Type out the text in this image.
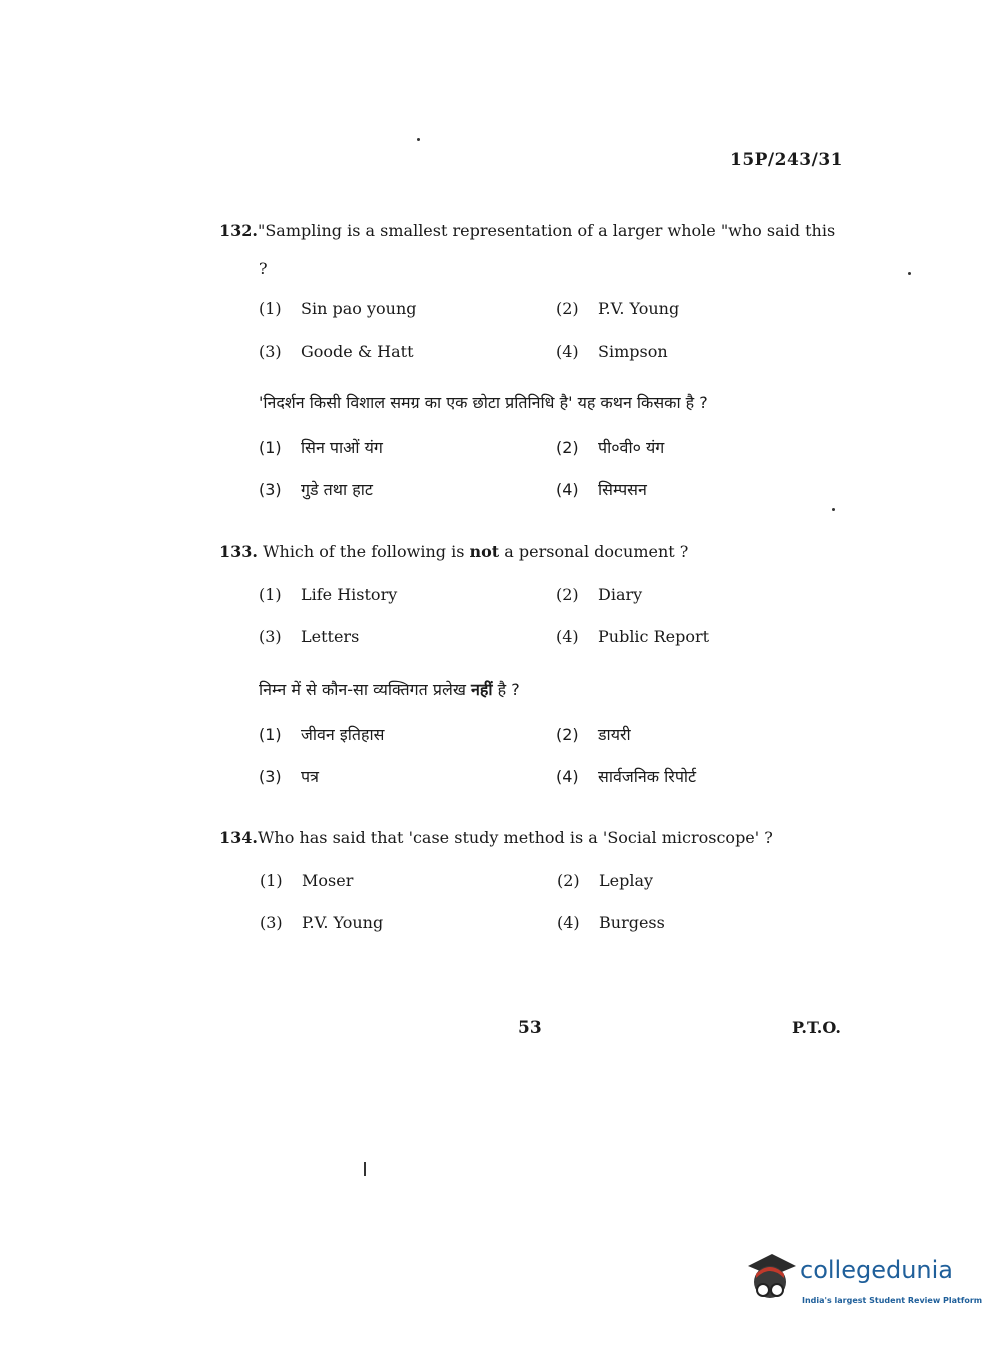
15P/243/31
132."Sampling is a smallest representation of a larger whole "who said this ?
(1) Sin pao young	(2) P.V. Young
(3) Goode & Hatt	(4) Simpson
'निदर्शन किसी विशाल समग्र का एक छोटा प्रतिनिधि है' यह कथन किसका है ?
(1) सिन पाओं यंग	(2) पी०वी० यंग
(3) गुडे तथा हाट	(4) सिम्पसन
133. Which of the following is not a personal document ?
(1) Life History	(2) Diary
(3) Letters	(4) Public Report
निम्न में से कौन-सा व्यक्तिगत प्रलेख नहीं है ?
(1) जीवन इतिहास	(2) डायरी
(3) पत्र	(4) सार्वजनिक रिपोर्ट
134.Who has said that 'case study method is a 'Social microscope' ?
(1) Moser	(2) Leplay
(3) P.V. Young	(4) Burgess
53	P.T.O.
collegedunia
India's largest Student Review Platform
